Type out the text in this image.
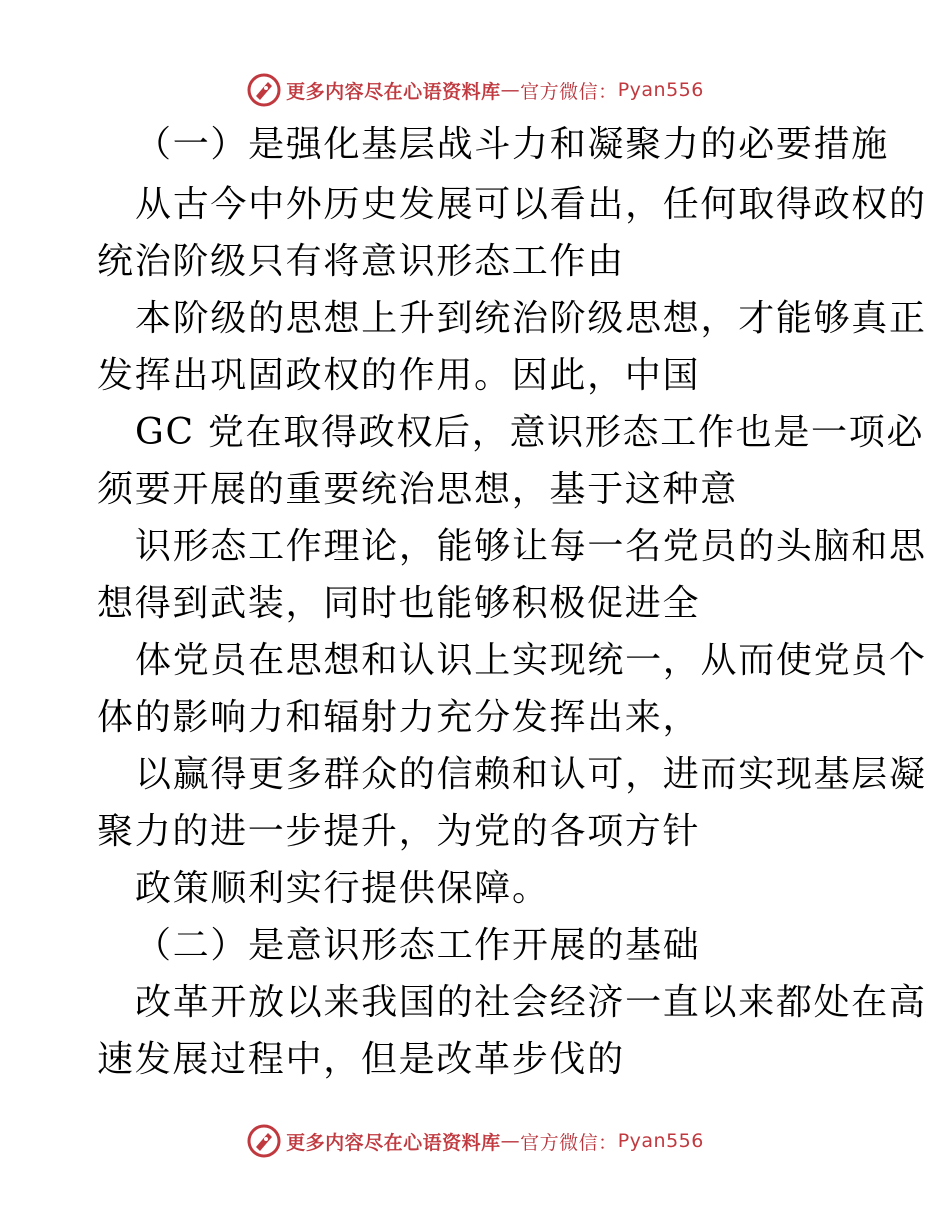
更多内容尽在心语资料库 — 官方微信： Pyan556
（一）是强化基层战斗力和凝聚力的必要措施
从古今中外历史发展可以看出，任何取得政权的
统治阶级只有将意识形态工作由
本阶级的思想上升到统治阶级思想，才能够真正
发挥出巩固政权的作用。因此，中国
GC 党在取得政权后，意识形态工作也是一项必
须要开展的重要统治思想，基于这种意
识形态工作理论，能够让每一名党员的头脑和思
想得到武装，同时也能够积极促进全
体党员在思想和认识上实现统一，从而使党员个
体的影响力和辐射力充分发挥出来，
以赢得更多群众的信赖和认可，进而实现基层凝
聚力的进一步提升，为党的各项方针
政策顺利实行提供保障。
（二）是意识形态工作开展的基础
改革开放以来我国的社会经济一直以来都处在高
速发展过程中，但是改革步伐的
更多内容尽在心语资料库 — 官方微信： Pyan556
